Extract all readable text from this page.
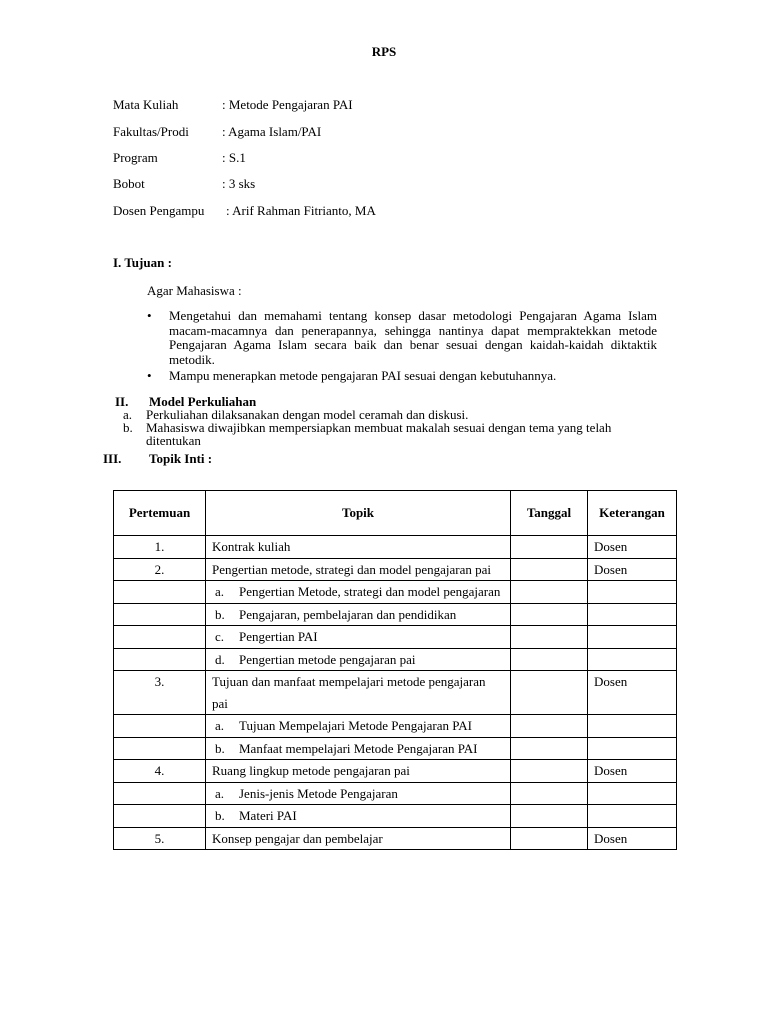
RPS
Mata Kuliah	: Metode Pengajaran PAI
Fakultas/Prodi	: Agama Islam/PAI
Program	: S.1
Bobot	: 3 sks
Dosen Pengampu : Arif Rahman Fitrianto, MA
I. Tujuan :
Agar Mahasiswa :
• Mengetahui dan memahami tentang konsep dasar metodologi Pengajaran Agama Islam macam-macamnya dan penerapannya, sehingga nantinya dapat mempraktekkan metode Pengajaran Agama Islam secara baik dan benar sesuai dengan kaidah-kaidah diktaktik metodik.
• Mampu menerapkan metode pengajaran PAI sesuai dengan kebutuhannya.
II. Model Perkuliahan
a. Perkuliahan dilaksanakan dengan model ceramah dan diskusi.
b. Mahasiswa diwajibkan mempersiapkan membuat makalah sesuai dengan tema yang telah ditentukan
III. Topik Inti :
Pertemuan	Topik	Tanggal	Keterangan
1.	Kontrak kuliah		Dosen
2.	Pengertian metode, strategi dan model pengajaran pai		Dosen

	a. Pengertian Metode, strategi dan model pengajaran		

	b. Pengajaran, pembelajaran dan pendidikan		

	c. Pengertian PAI		

	d. Pengertian metode pengajaran pai		

3.	Tujuan dan manfaat mempelajari metode pengajaran pai		Dosen

	a. Tujuan Mempelajari Metode Pengajaran PAI		

	b. Manfaat mempelajari Metode Pengajaran PAI		

4.	Ruang lingkup metode pengajaran pai		Dosen

	a. Jenis-jenis Metode Pengajaran		

	b. Materi PAI		

5.	Konsep pengajar dan pembelajar		Dosen
